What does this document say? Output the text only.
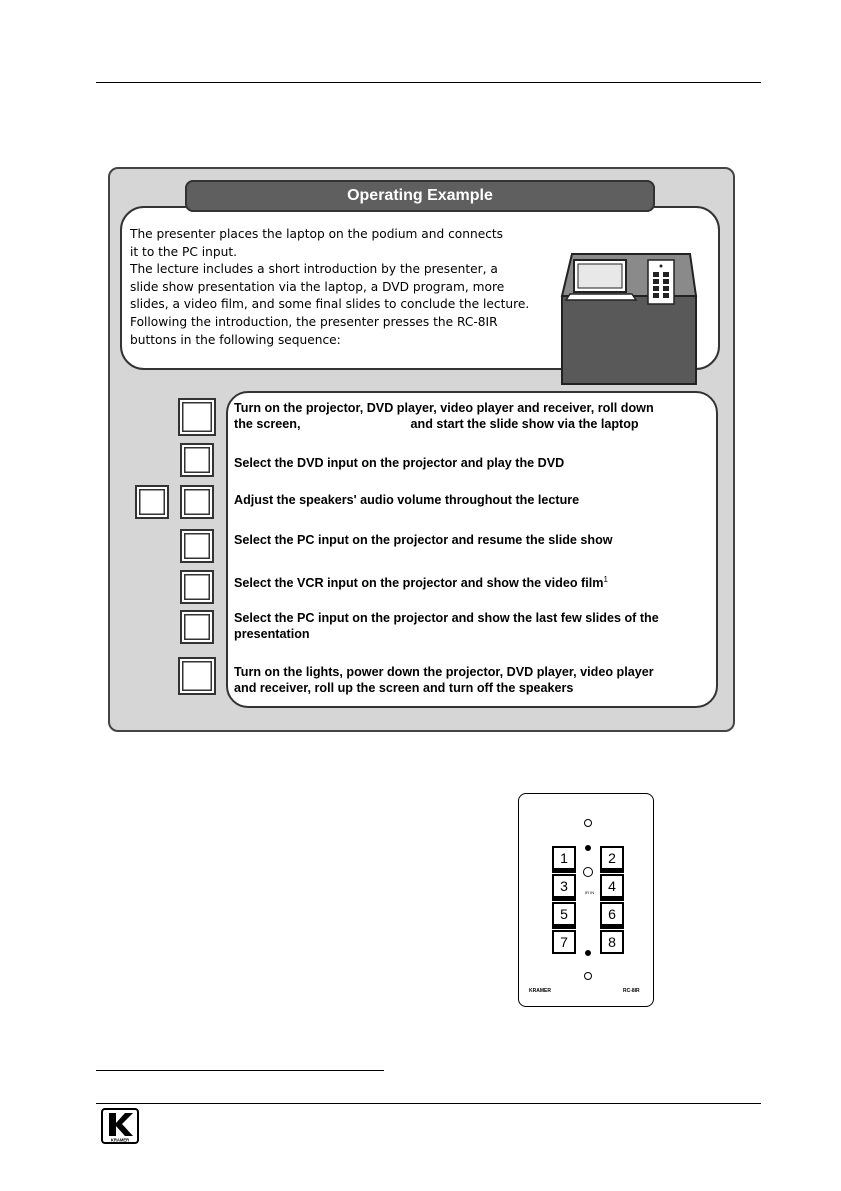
Operating Example

The presenter places the laptop on the podium and connects

it to the PC input.

The lecture includes a short introduction by the presenter, a

slide show presentation via the laptop, a DVD program, more

slides, a video film, and some final slides to conclude the lecture.

Following the introduction, the presenter presses the RC-8IR

buttons in the following sequence:

Turn on the projector, DVD player, video player and receiver, roll down
the screen,	and start the slide show via the laptop
Select the DVD input on the projector and play the DVD
Adjust the speakers' audio volume throughout the lecture
Select the PC input on the projector and resume the slide show
Select the VCR input on the projector and show the video film$^1$
Select the PC input on the projector and show the last few slides of the
presentation
Turn on the lights, power down the projector, DVD player, video player
and receiver, roll up the screen and turn off the speakers
IR IN
1	2
3	4
5	6
7	8
KRAMER	RC-8IR
KRAMER
